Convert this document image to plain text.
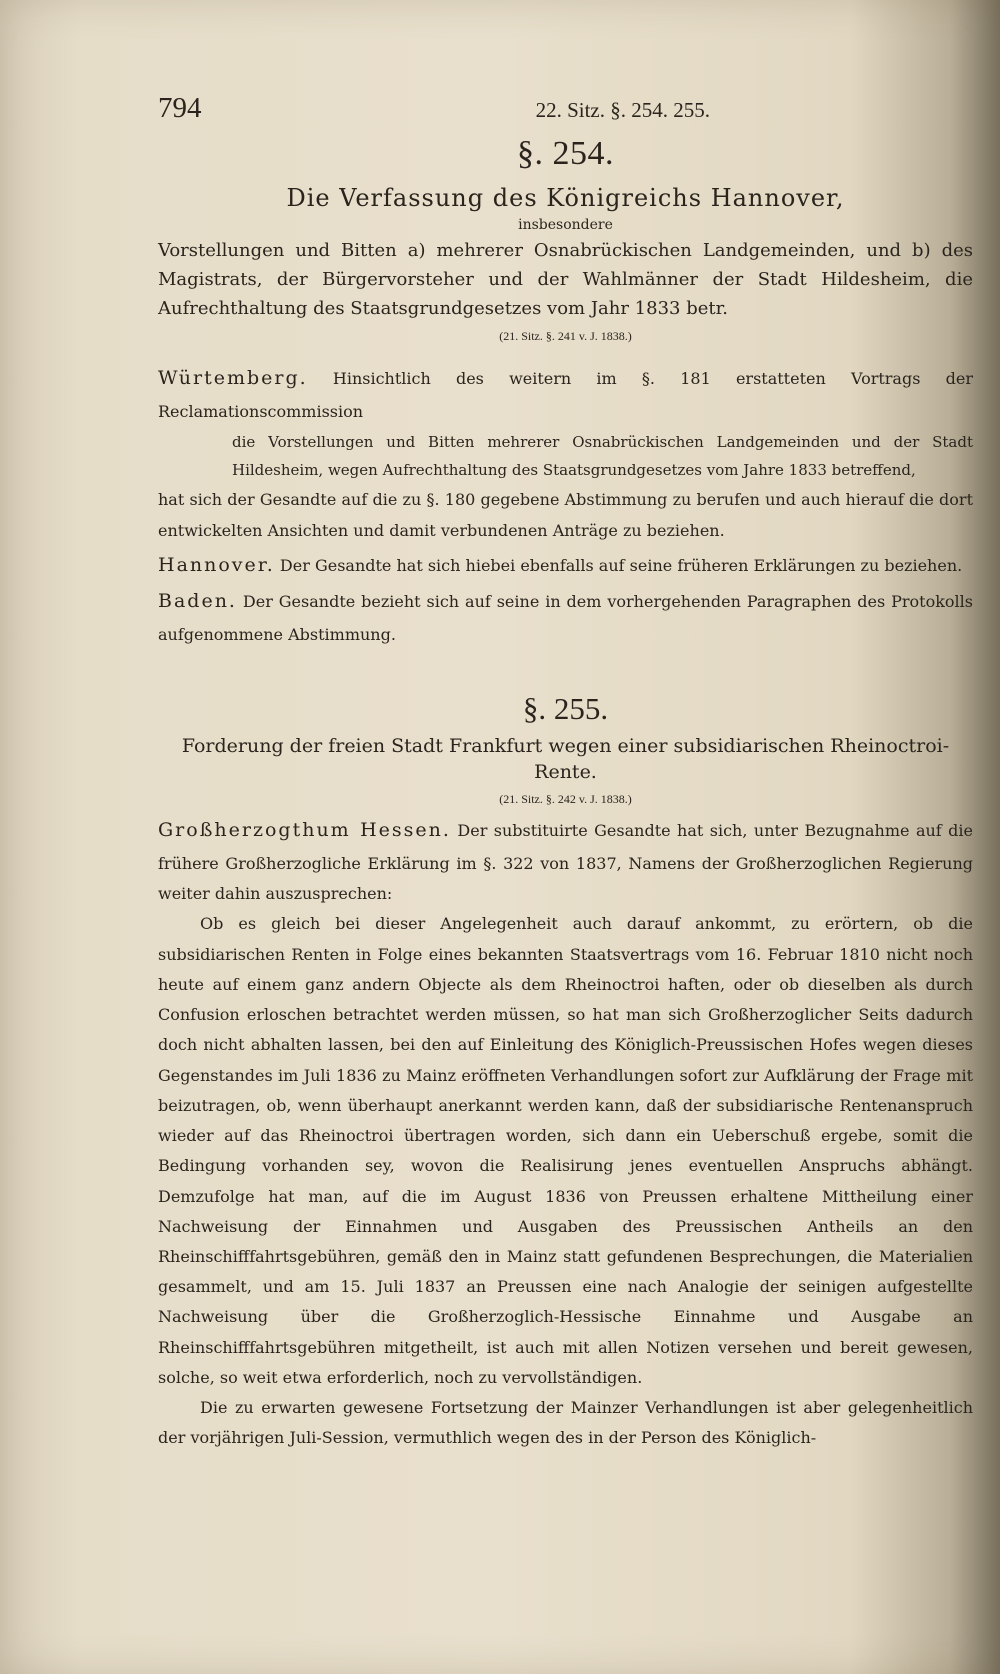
794	22. Sitz. §. 254. 255.
§. 254.

Die Verfassung des Königreichs Hannover,

insbesondere

Vorstellungen und Bitten a) mehrerer Osnabrückischen Landgemeinden, und b) des Magistrats, der Bürgervorsteher und der Wahlmänner der Stadt Hildesheim, die Aufrechthaltung des Staatsgrundgesetzes vom Jahr 1833 betr.

(21. Sitz. §. 241 v. J. 1838.)

Würtemberg. Hinsichtlich des weitern im §. 181 erstatteten Vortrags der Reclamationscommission

die Vorstellungen und Bitten mehrerer Osnabrückischen Landgemeinden und der Stadt Hildesheim, wegen Aufrechthaltung des Staatsgrundgesetzes vom Jahre 1833 betreffend,

hat sich der Gesandte auf die zu §. 180 gegebene Abstimmung zu berufen und auch hierauf die dort entwickelten Ansichten und damit verbundenen Anträge zu beziehen.

Hannover. Der Gesandte hat sich hiebei ebenfalls auf seine früheren Erklärungen zu beziehen.

Baden. Der Gesandte bezieht sich auf seine in dem vorhergehenden Paragraphen des Protokolls aufgenommene Abstimmung.

§. 255.

Forderung der freien Stadt Frankfurt wegen einer subsidiarischen Rheinoctroi-Rente.

(21. Sitz. §. 242 v. J. 1838.)

Großherzogthum Hessen. Der substituirte Gesandte hat sich, unter Bezugnahme auf die frühere Großherzogliche Erklärung im §. 322 von 1837, Namens der Großherzoglichen Regierung weiter dahin auszusprechen:

Ob es gleich bei dieser Angelegenheit auch darauf ankommt, zu erörtern, ob die subsidiarischen Renten in Folge eines bekannten Staatsvertrags vom 16. Februar 1810 nicht noch heute auf einem ganz andern Objecte als dem Rheinoctroi haften, oder ob dieselben als durch Confusion erloschen betrachtet werden müssen, so hat man sich Großherzoglicher Seits dadurch doch nicht abhalten lassen, bei den auf Einleitung des Königlich-Preussischen Hofes wegen dieses Gegenstandes im Juli 1836 zu Mainz eröffneten Verhandlungen sofort zur Aufklärung der Frage mit beizutragen, ob, wenn überhaupt anerkannt werden kann, daß der subsidiarische Rentenanspruch wieder auf das Rheinoctroi übertragen worden, sich dann ein Ueberschuß ergebe, somit die Bedingung vorhanden sey, wovon die Realisirung jenes eventuellen Anspruchs abhängt. Demzufolge hat man, auf die im August 1836 von Preussen erhaltene Mittheilung einer Nachweisung der Einnahmen und Ausgaben des Preussischen Antheils an den Rheinschifffahrtsgebühren, gemäß den in Mainz statt gefundenen Besprechungen, die Materialien gesammelt, und am 15. Juli 1837 an Preussen eine nach Analogie der seinigen aufgestellte Nachweisung über die Großherzoglich-Hessische Einnahme und Ausgabe an Rheinschifffahrtsgebühren mitgetheilt, ist auch mit allen Notizen versehen und bereit gewesen, solche, so weit etwa erforderlich, noch zu vervollständigen.

Die zu erwarten gewesene Fortsetzung der Mainzer Verhandlungen ist aber gelegenheitlich der vorjährigen Juli-Session, vermuthlich wegen des in der Person des Königlich-
